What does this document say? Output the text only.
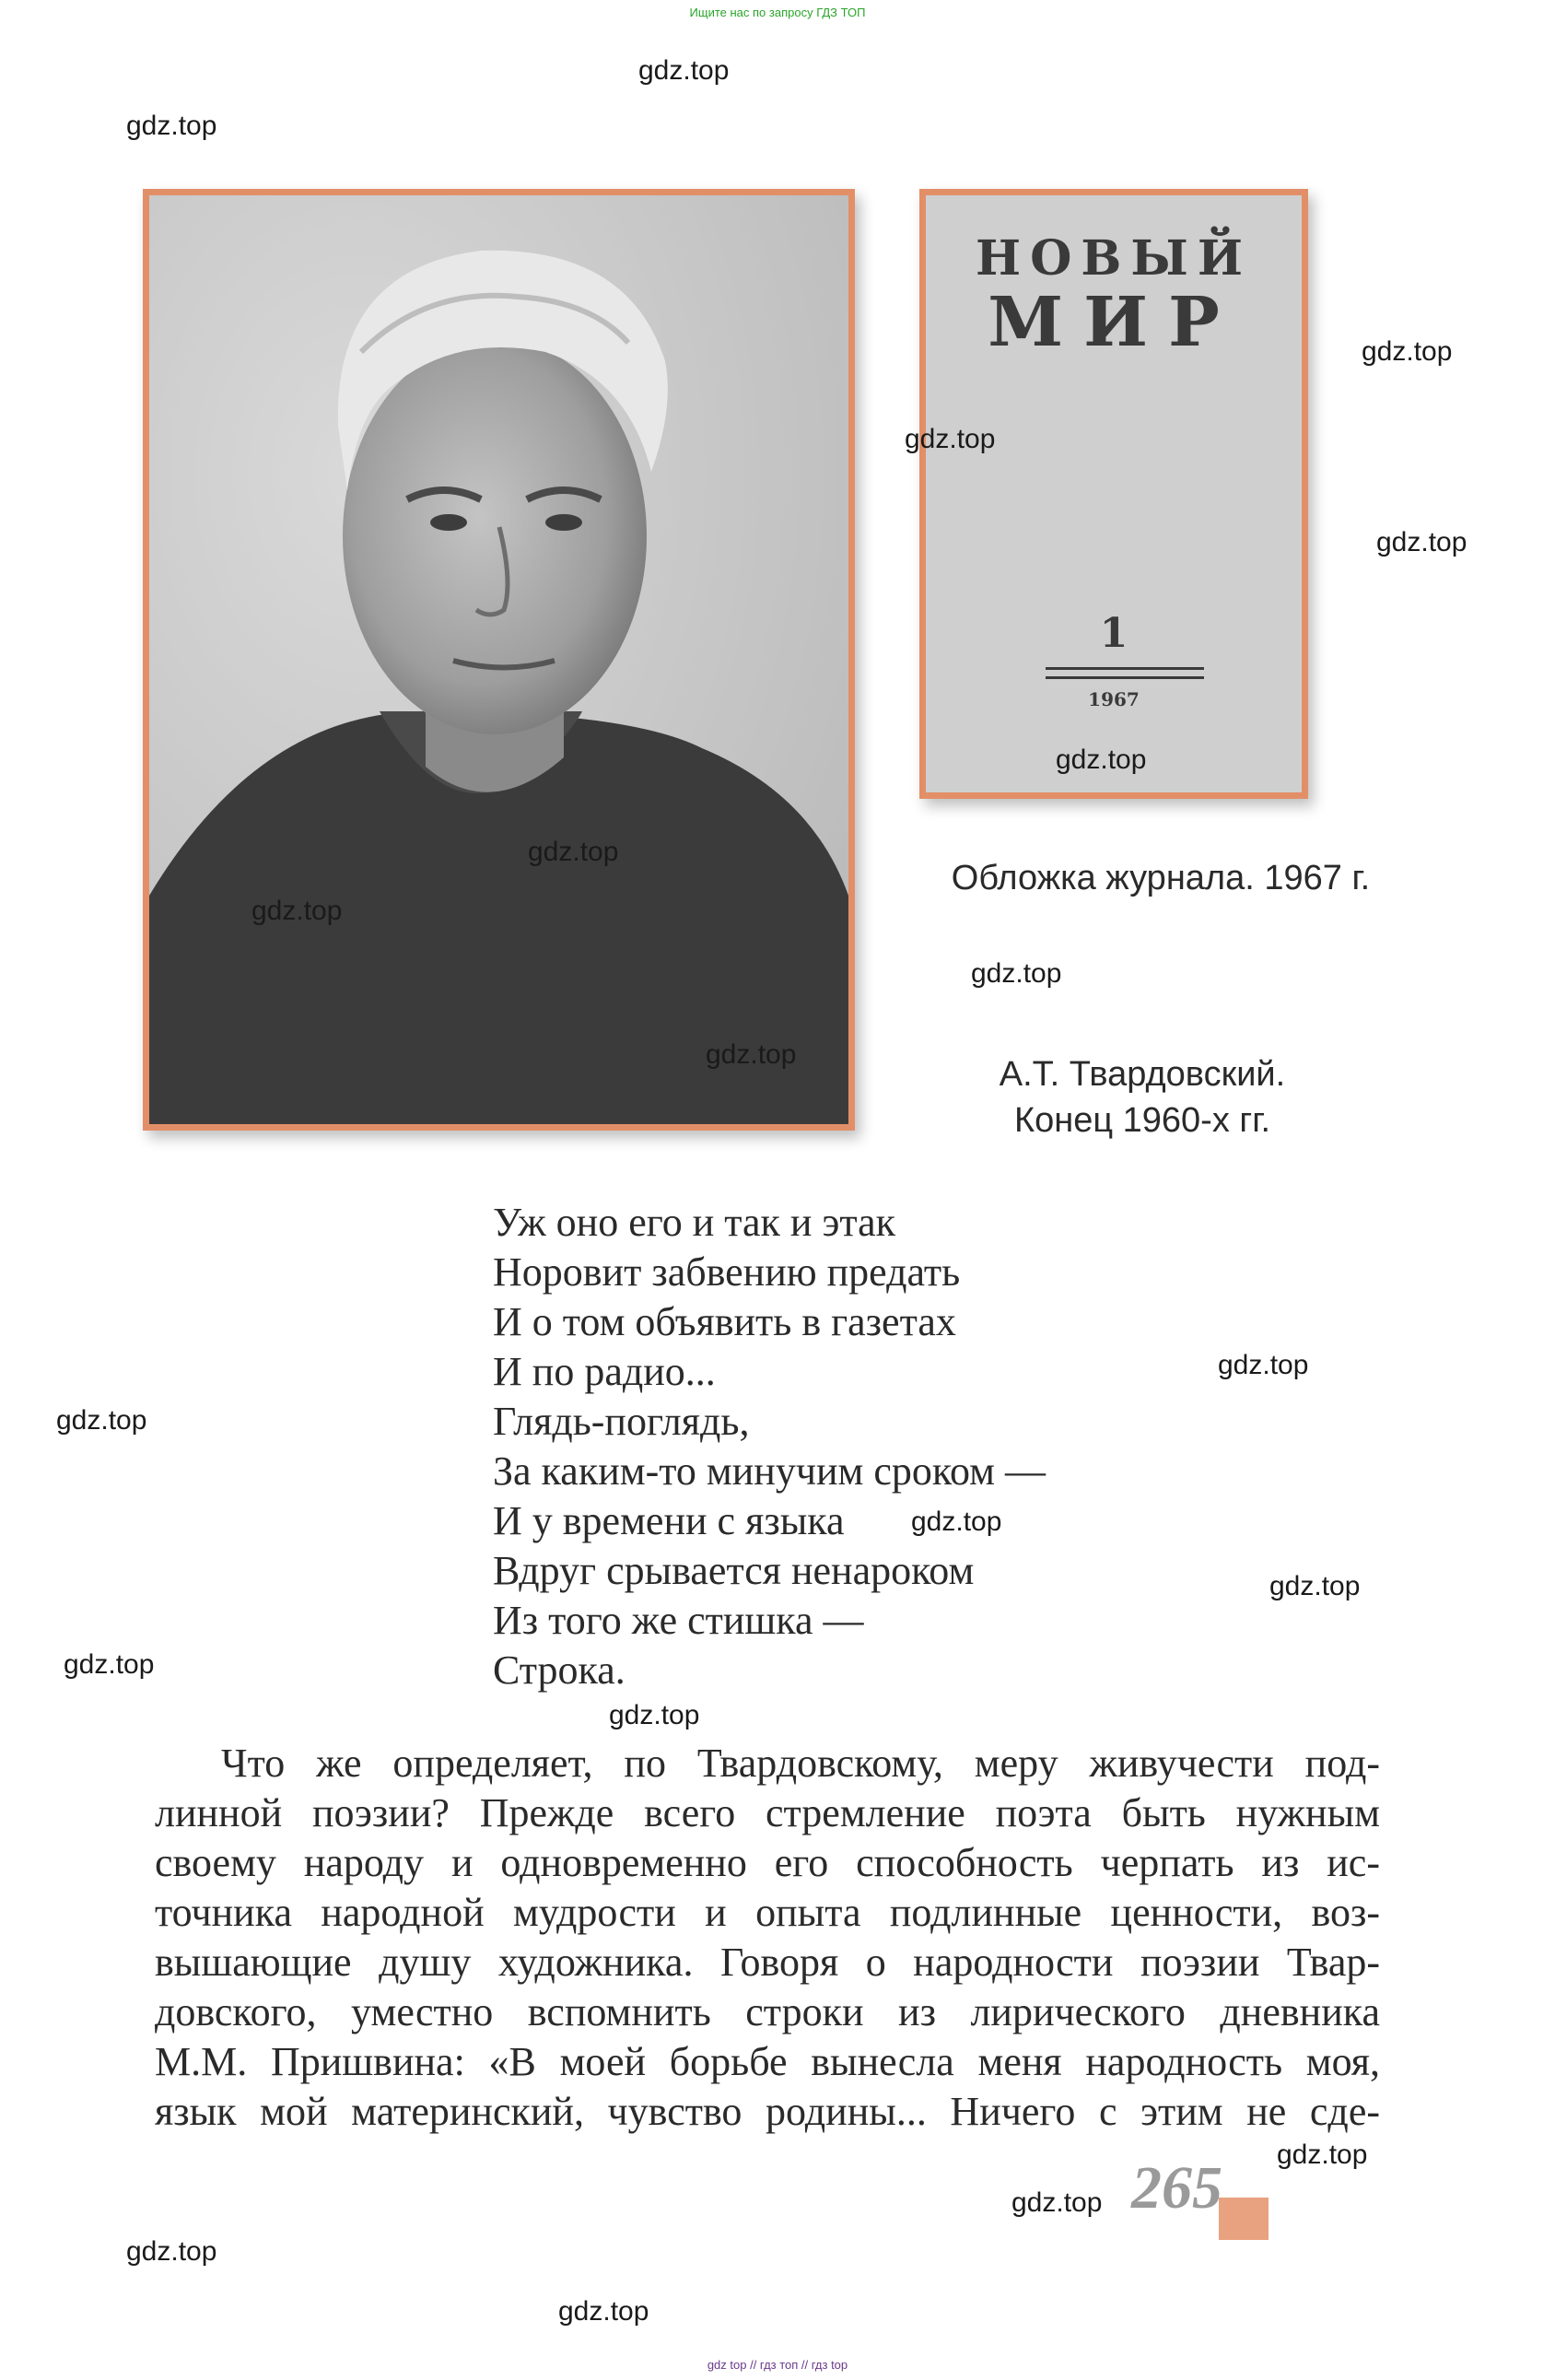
Ищите нас по запросу ГДЗ ТОП
НОВЫЙ
МИР
1
1967
Обложка журнала. 1967 г.
А.Т. Твардовский.
Конец 1960-х гг.
Уж оно его и так и этак
Норовит забвению предать
И о том объявить в газетах
И по радио...
Глядь-поглядь,
За каким-то минучим сроком —
И у времени с языка
Вдруг срывается ненароком
Из того же стишка —
Строка.
Что же определяет, по Твардовскому, меру живучести под-
линной поэзии? Прежде всего стремление поэта быть нужным
своему народу и одновременно его способность черпать из ис-
точника народной мудрости и опыта подлинные ценности, воз-
вышающие душу художника. Говоря о народности поэзии Твар-
довского, уместно вспомнить строки из лирического дневника
М.М. Пришвина: «В моей борьбе вынесла меня народность моя,
язык мой материнский, чувство родины... Ничего с этим не сде-
265
gdz.top
gdz.top
gdz.top
gdz.top
gdz.top
gdz.top
gdz.top
gdz.top
gdz.top
gdz.top
gdz.top
gdz.top
gdz.top
gdz.top
gdz.top
gdz.top
gdz.top
gdz.top
gdz.top
gdz.top
gdz top // гдз топ // гдз top
